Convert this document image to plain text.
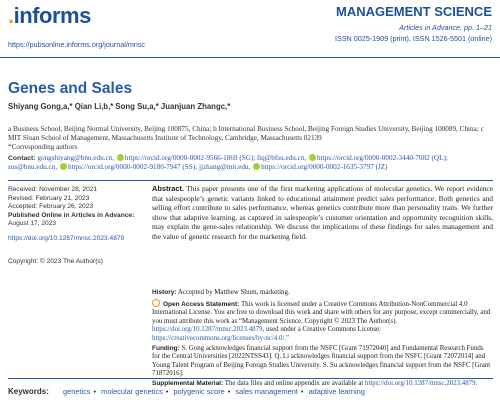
.informs
https://pubsonline.informs.org/journal/mnsc
MANAGEMENT SCIENCE
Articles in Advance, pp. 1–21
ISSN 0025-1909 (print), ISSN 1526-5501 (online)
Genes and Sales
Shiyang Gong,a,* Qian Li,b,* Song Su,a,* Juanjuan Zhangc,*
a Business School, Beijing Normal University, Beijing 100875, China; b International Business School, Beijing Foreign Studies University, Beijing 100089, China; c MIT Sloan School of Management, Massachusetts Institute of Technology, Cambridge, Massachusetts 02139
*Corresponding authors
Contact: gongshiyang@bnu.edu.cn, https://orcid.org/0000-0002-9566-1869 (SG); liq@bfsu.edu.cn, https://orcid.org/0000-0002-3440-7082 (QL); sus@bnu.edu.cn, https://orcid.org/0000-0002-9180-7947 (SS); jjzhang@mit.edu, https://orcid.org/0000-0002-1635-3797 (JZ)
Received: November 28, 2021
Revised: February 21, 2023
Accepted: February 26, 2023
Published Online in Articles in Advance:
August 17, 2023
https://doi.org/10.1287/mnsc.2023.4879
Copyright: © 2023 The Author(s)
Abstract. This paper presents one of the first marketing applications of molecular genetics. We report evidence that salespeople’s genetic variants linked to educational attainment predict sales performance. Both genetics and selling effort contribute to sales performance, whereas genetics contribute more than personality traits. We further show that adaptive learning, as captured in salespeople’s customer orientation and opportunity recognition skills, may explain the gene-sales relationship. We discuss the implications of these findings for sales management and the value of genetic research for the marketing field.
History: Accepted by Matthew Shum, marketing.
Open Access Statement: This work is licensed under a Creative Commons Attribution-NonCommercial 4.0 International License. You are free to download this work and share with others for any purpose, except commercially, and you must attribute this work as “Management Science. Copyright © 2023 The Author(s). https://doi.org/10.1287/mnsc.2023.4879, used under a Creative Commons License: https://creativecommons.org/licenses/by-nc/4.0/.”
Funding: S. Gong acknowledges financial support from the NSFC [Grant 71972040] and Fundamental Research Funds for the Central Universities [2022NTSS43]. Q. Li acknowledges financial support from the NSFC [Grant 72072014] and Young Talent Program of Beijing Foreign Studies University. S. Su acknowledges financial support from the NSFC [Grant 71872016].
Supplemental Material: The data files and online appendix are available at https://doi.org/10.1287/mnsc.2023.4879.
Keywords: genetics • molecular genetics • polygenic score • sales management • adaptive learning
